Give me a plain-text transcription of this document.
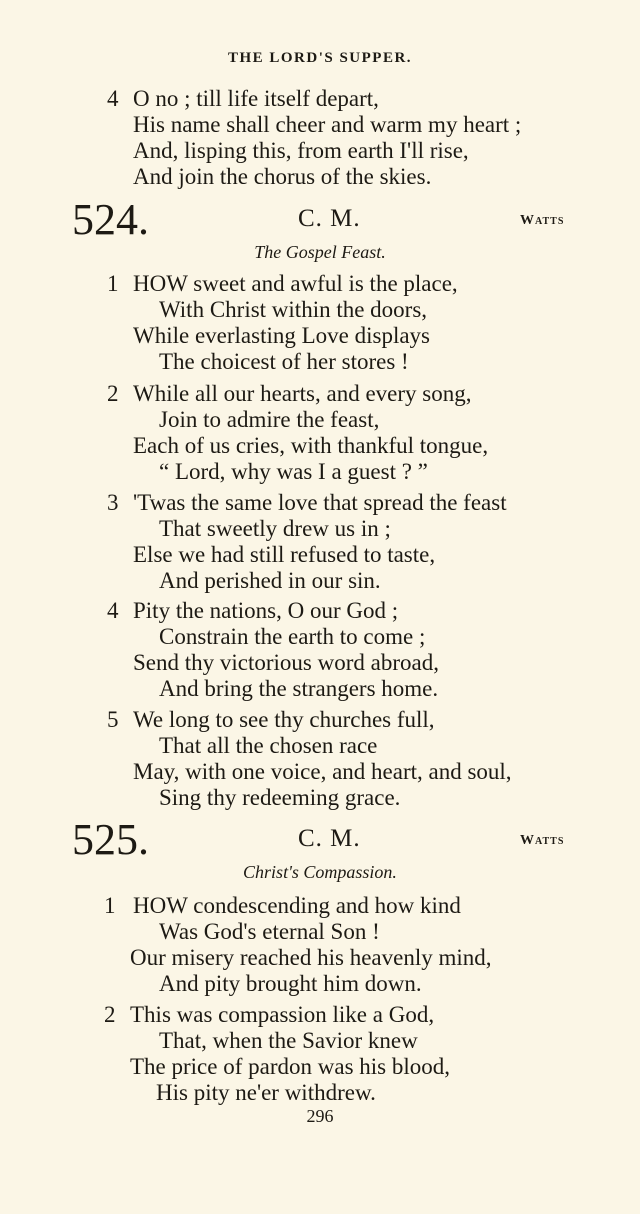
THE LORD'S SUPPER.
4 O no ; till life itself depart,
His name shall cheer and warm my heart ;
And, lisping this, from earth I'll rise,
And join the chorus of the skies.
524.	C. M.	Watts
The Gospel Feast.
1 HOW sweet and awful is the place,
With Christ within the doors,
While everlasting Love displays
The choicest of her stores !
2 While all our hearts, and every song,
Join to admire the feast,
Each of us cries, with thankful tongue,
“ Lord, why was I a guest ? ”
3 'Twas the same love that spread the feast
That sweetly drew us in ;
Else we had still refused to taste,
And perished in our sin.
4 Pity the nations, O our God ;
Constrain the earth to come ;
Send thy victorious word abroad,
And bring the strangers home.
5 We long to see thy churches full,
That all the chosen race
May, with one voice, and heart, and soul,
Sing thy redeeming grace.
525.	C. M.	Watts
Christ's Compassion.
1 HOW condescending and how kind
Was God's eternal Son !
Our misery reached his heavenly mind,
And pity brought him down.
2 This was compassion like a God,
That, when the Savior knew
The price of pardon was his blood,
His pity ne'er withdrew.
296
